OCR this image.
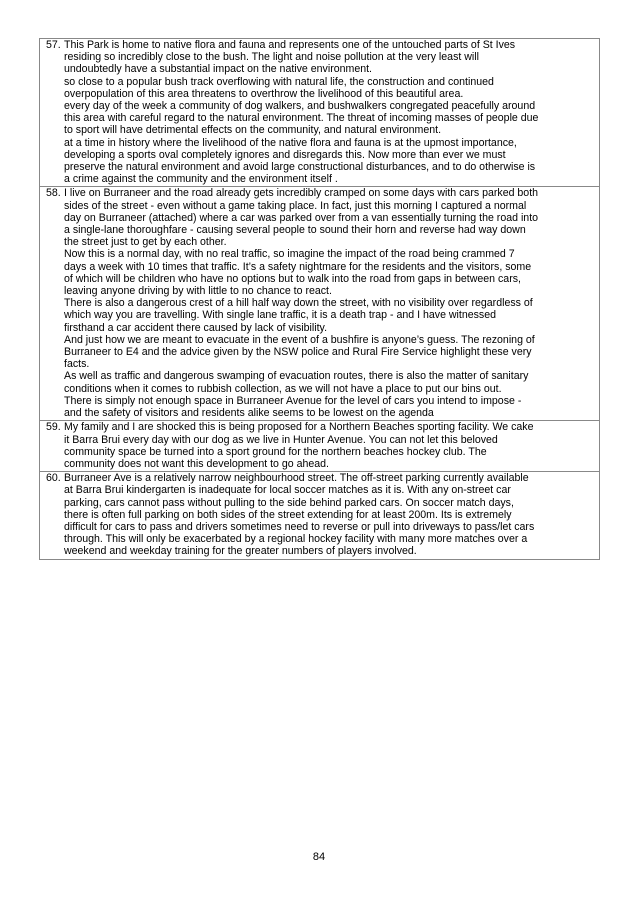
57. This Park is home to native flora and fauna and represents one of the untouched parts of St Ives
residing so incredibly close to the bush. The light and noise pollution at the very least will
undoubtedly have a substantial impact on the native environment.
so close to a popular bush track overflowing with natural life, the construction and continued
overpopulation of this area threatens to overthrow the livelihood of this beautiful area.
every day of the week a community of dog walkers, and bushwalkers congregated peacefully around
this area with careful regard to the natural environment. The threat of incoming masses of people due
to sport will have detrimental effects on the community, and natural environment.
at a time in history where the livelihood of the native flora and fauna is at the upmost importance,
developing a sports oval completely ignores and disregards this. Now more than ever we must
preserve the natural environment and avoid large constructional disturbances, and to do otherwise is
a crime against the community and the environment itself .
58. I live on Burraneer and the road already gets incredibly cramped on some days with cars parked both
sides of the street - even without a game taking place. In fact, just this morning I captured a normal
day on Burraneer (attached) where a car was parked over from a van essentially turning the road into
a single-lane thoroughfare - causing several people to sound their horn and reverse had way down
the street just to get by each other.
Now this is a normal day, with no real traffic, so imagine the impact of the road being crammed 7
days a week with 10 times that traffic. It’s a safety nightmare for the residents and the visitors, some
of which will be children who have no options but to walk into the road from gaps in between cars,
leaving anyone driving by with little to no chance to react.
There is also a dangerous crest of a hill half way down the street, with no visibility over regardless of
which way you are travelling. With single lane traffic, it is a death trap - and I have witnessed
firsthand a car accident there caused by lack of visibility.
And just how we are meant to evacuate in the event of a bushfire is anyone’s guess. The rezoning of
Burraneer to E4 and the advice given by the NSW police and Rural Fire Service highlight these very
facts.
As well as traffic and dangerous swamping of evacuation routes, there is also the matter of sanitary
conditions when it comes to rubbish collection, as we will not have a place to put our bins out.
There is simply not enough space in Burraneer Avenue for the level of cars you intend to impose -
and the safety of visitors and residents alike seems to be lowest on the agenda
59. My family and I are shocked this is being proposed for a Northern Beaches sporting facility. We cake
it Barra Brui every day with our dog as we live in Hunter Avenue. You can not let this beloved
community space be turned into a sport ground for the northern beaches hockey club. The
community does not want this development to go ahead.
60. Burraneer Ave is a relatively narrow neighbourhood street. The off-street parking currently available
at Barra Brui kindergarten is inadequate for local soccer matches as it is. With any on-street car
parking, cars cannot pass without pulling to the side behind parked cars. On soccer match days,
there is often full parking on both sides of the street extending for at least 200m. Its is extremely
difficult for cars to pass and drivers sometimes need to reverse or pull into driveways to pass/let cars
through. This will only be exacerbated by a regional hockey facility with many more matches over a
weekend and weekday training for the greater numbers of players involved.
84
